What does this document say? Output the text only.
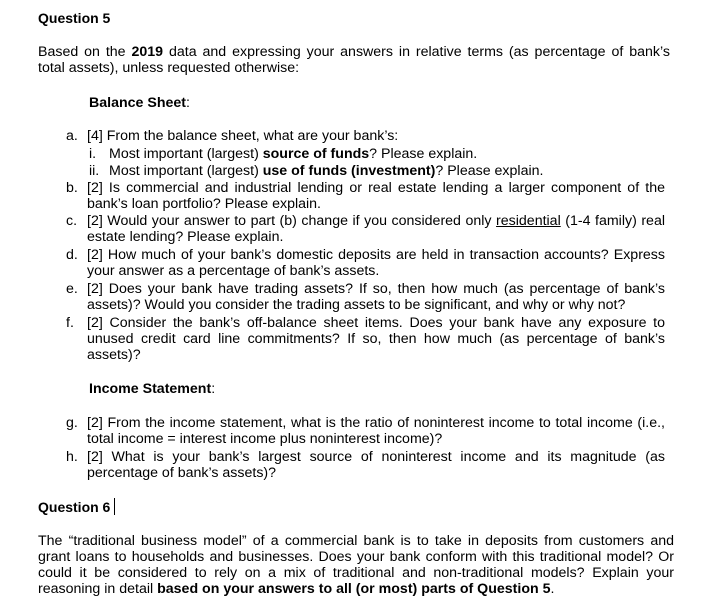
Question 5
Based on the 2019 data and expressing your answers in relative terms (as percentage of bank’s total assets), unless requested otherwise:
Balance Sheet:
a. [4] From the balance sheet, what are your bank’s:
i. Most important (largest) source of funds? Please explain.
ii. Most important (largest) use of funds (investment)? Please explain.
b. [2] Is commercial and industrial lending or real estate lending a larger component of the bank’s loan portfolio? Please explain.
c. [2] Would your answer to part (b) change if you considered only residential (1-4 family) real estate lending? Please explain.
d. [2] How much of your bank’s domestic deposits are held in transaction accounts? Express your answer as a percentage of bank’s assets.
e. [2] Does your bank have trading assets? If so, then how much (as percentage of bank’s assets)? Would you consider the trading assets to be significant, and why or why not?
f. [2] Consider the bank’s off-balance sheet items. Does your bank have any exposure to unused credit card line commitments? If so, then how much (as percentage of bank’s assets)?
Income Statement:
g. [2] From the income statement, what is the ratio of noninterest income to total income (i.e., total income = interest income plus noninterest income)?
h. [2] What is your bank’s largest source of noninterest income and its magnitude (as percentage of bank’s assets)?
Question 6
The “traditional business model” of a commercial bank is to take in deposits from customers and grant loans to households and businesses. Does your bank conform with this traditional model? Or could it be considered to rely on a mix of traditional and non-traditional models? Explain your reasoning in detail based on your answers to all (or most) parts of Question 5.
